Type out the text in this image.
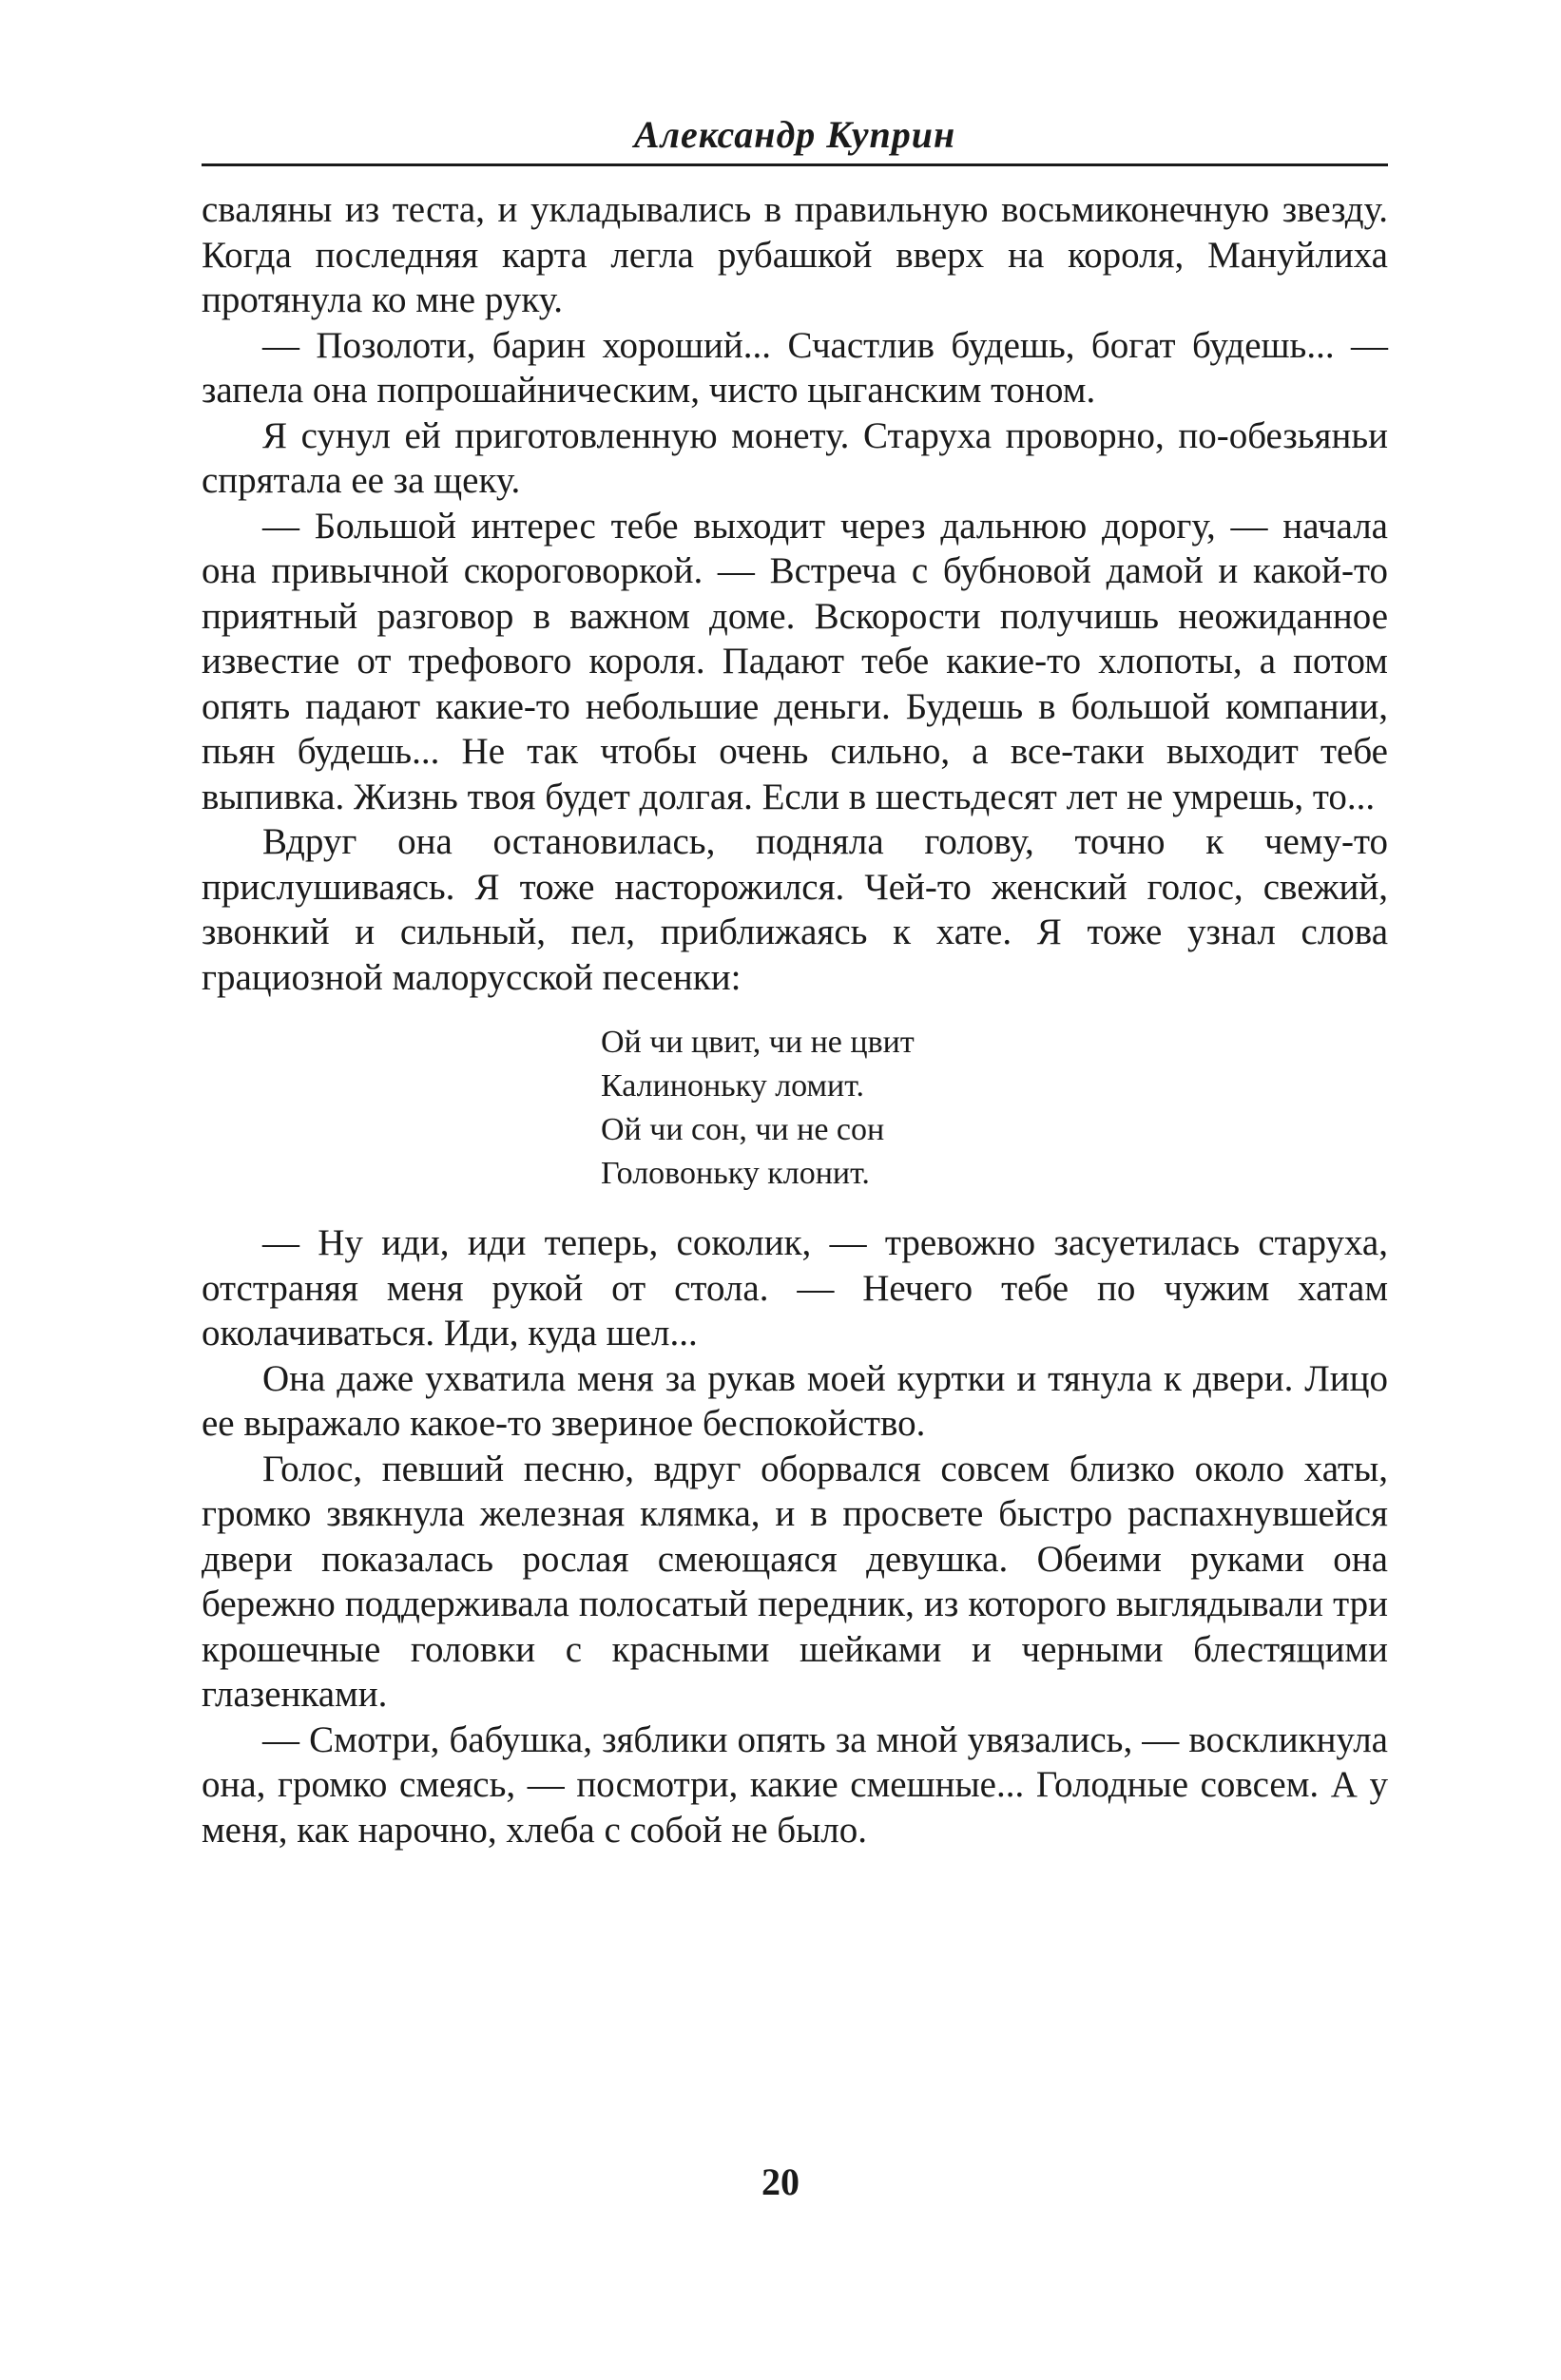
Александр Куприн

сваляны из теста, и укладывались в правильную восьмиконечную звезду. Когда последняя карта легла рубашкой вверх на короля, Мануйлиха протянула ко мне руку.

— Позолоти, барин хороший... Счастлив будешь, богат будешь... — запела она попрошайническим, чисто цыганским тоном.

Я сунул ей приготовленную монету. Старуха проворно, по-обезьяньи спрятала ее за щеку.

— Большой интерес тебе выходит через дальнюю дорогу, — начала она привычной скороговоркой. — Встреча с бубновой дамой и какой-то приятный разговор в важном доме. Вскорости получишь неожиданное известие от трефового короля. Падают тебе какие-то хлопоты, а потом опять падают какие-то небольшие деньги. Будешь в большой компании, пьян будешь... Не так чтобы очень сильно, а все-таки выходит тебе выпивка. Жизнь твоя будет долгая. Если в шестьдесят лет не умрешь, то...

Вдруг она остановилась, подняла голову, точно к чему-то прислушиваясь. Я тоже насторожился. Чей-то женский голос, свежий, звонкий и сильный, пел, приближаясь к хате. Я тоже узнал слова грациозной малорусской песенки:

Ой чи цвит, чи не цвит
Калиноньку ломит.
Ой чи сон, чи не сон
Головоньку клонит.

— Ну иди, иди теперь, соколик, — тревожно засуетилась старуха, отстраняя меня рукой от стола. — Нечего тебе по чужим хатам околачиваться. Иди, куда шел...

Она даже ухватила меня за рукав моей куртки и тянула к двери. Лицо ее выражало какое-то звериное беспокойство.

Голос, певший песню, вдруг оборвался совсем близко около хаты, громко звякнула железная клямка, и в просвете быстро распахнувшейся двери показалась рослая смеющаяся девушка. Обеими руками она бережно поддерживала полосатый передник, из которого выглядывали три крошечные головки с красными шейками и черными блестящими глазенками.

— Смотри, бабушка, зяблики опять за мной увязались, — воскликнула она, громко смеясь, — посмотри, какие смешные... Голодные совсем. А у меня, как нарочно, хлеба с собой не было.

20
